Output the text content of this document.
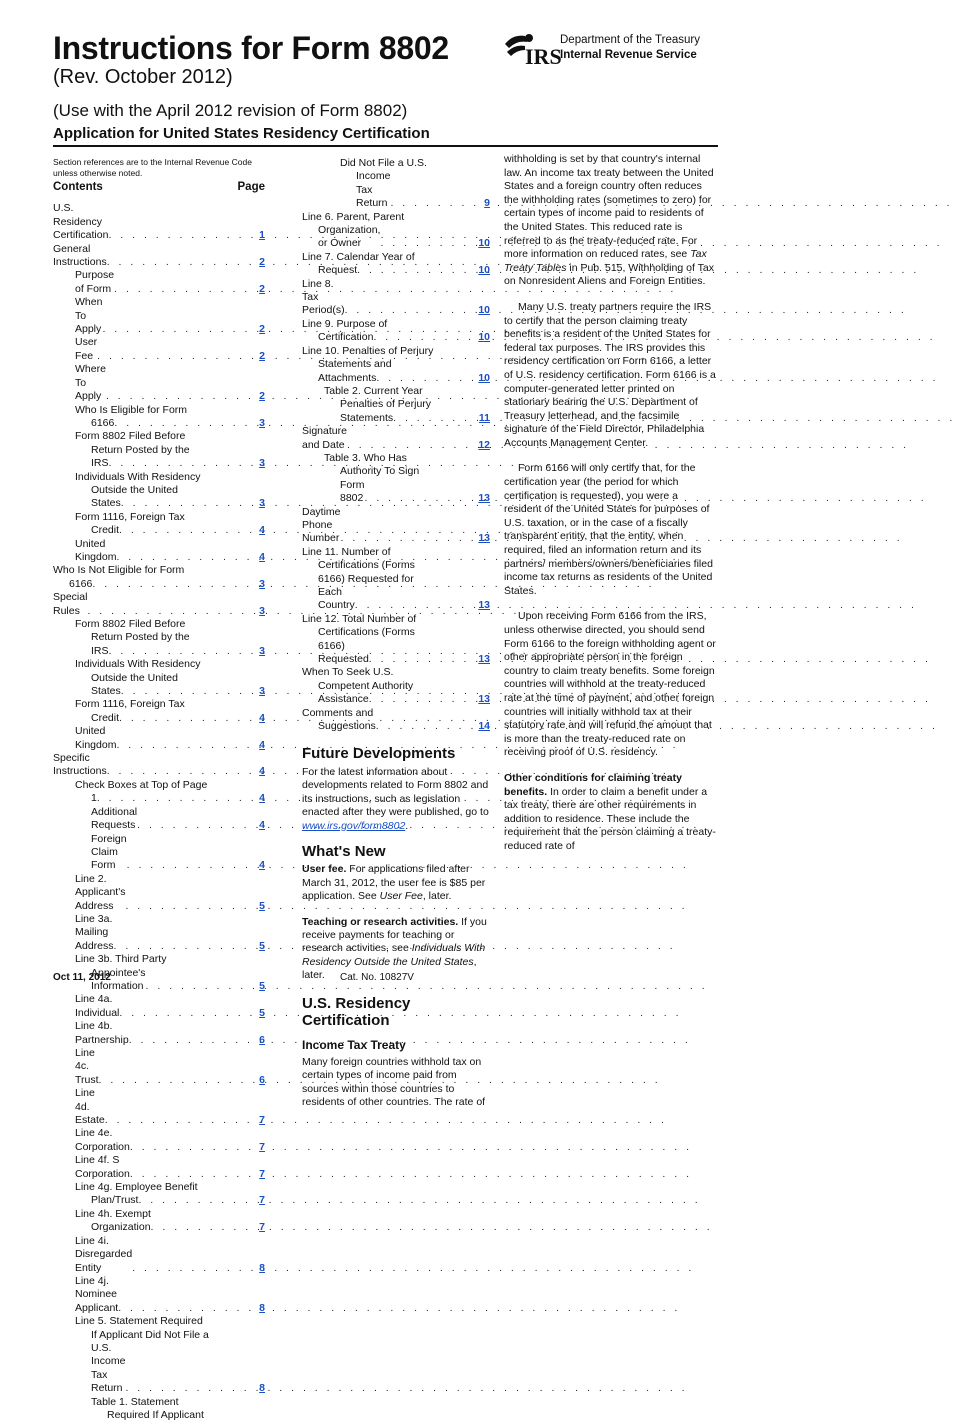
Instructions for Form 8802
(Rev. October 2012)
(Use with the April 2012 revision of Form 8802)
Application for United States Residency Certification
IRS
Department of the Treasury
Internal Revenue Service
Section references are to the Internal Revenue Code unless otherwise noted.
Contents	Page
U.S. Residency Certification . . .	1
General Instructions . . .	2
Purpose of Form . . .	2
When To Apply . . .	2
User Fee . . .	2
Where To Apply . . .	2
Who Is Eligible for Form
6166 . . .	3
Form 8802 Filed Before
Return Posted by the
IRS . . .	3
Individuals With Residency
Outside the United
States . . .	3
Form 1116, Foreign Tax
Credit . . .	4
United Kingdom . . .	4
Who Is Not Eligible for Form
6166 . . .	3
Special Rules . . .	3
Form 8802 Filed Before
Return Posted by the
IRS . . .	3
Individuals With Residency
Outside the United
States . . .	3
Form 1116, Foreign Tax
Credit . . .	4
United Kingdom . . .	4
Specific Instructions . . .	4
Check Boxes at Top of Page
1 . . .	4
Additional Requests . . .	4
Foreign Claim Form . . .	4
Line 2. Applicant's Address . . .	5
Line 3a. Mailing Address . . .	5
Line 3b. Third Party
Appointee's Information . . .	5
Line 4a. Individual . . .	5
Line 4b. Partnership . . .	6
Line 4c. Trust . . .	6
Line 4d. Estate . . .	7
Line 4e. Corporation . . .	7
Line 4f. S Corporation . . .	7
Line 4g. Employee Benefit
Plan/Trust . . .	7
Line 4h. Exempt
Organization . . .	7
Line 4i. Disregarded Entity . . .	8
Line 4j. Nominee Applicant . . .	8
Line 5. Statement Required
If Applicant Did Not File a
U.S. Income Tax Return . . .	8
Table 1. Statement
Required If Applicant
Did Not File a U.S.
Income Tax Return . . .	9
Line 6. Parent, Parent
Organization, or Owner . . .	10
Line 7. Calendar Year of
Request . . .	10
Line 8. Tax Period(s) . . .	10
Line 9. Purpose of
Certification . . .	10
Line 10. Penalties of Perjury
Statements and
Attachments . . .	10
Table 2. Current Year
Penalties of Perjury
Statements . . .	11
Signature and Date . . .	12
Table 3. Who Has
Authority To Sign
Form 8802 . . .	13
Daytime Phone Number . . .	13
Line 11. Number of
Certifications (Forms
6166) Requested for
Each Country . . .	13
Line 12. Total Number of
Certifications (Forms
6166) Requested . . .	13
When To Seek U.S.
Competent Authority
Assistance . . .	13
Comments and
Suggestions . . .	14
Future Developments
For the latest information about developments related to Form 8802 and its instructions, such as legislation enacted after they were published, go to www.irs.gov/form8802.
What's New
User fee. For applications filed after March 31, 2012, the user fee is $85 per application. See User Fee, later.
Teaching or research activities. If you receive payments for teaching or research activities, see Individuals With Residency Outside the United States, later.
U.S. Residency Certification
Income Tax Treaty
Many foreign countries withhold tax on certain types of income paid from sources within those countries to residents of other countries. The rate of
withholding is set by that country's internal law. An income tax treaty between the United States and a foreign country often reduces the withholding rates (sometimes to zero) for certain types of income paid to residents of the United States. This reduced rate is referred to as the treaty-reduced rate. For more information on reduced rates, see Tax Treaty Tables in Pub. 515, Withholding of Tax on Nonresident Aliens and Foreign Entities.
Many U.S. treaty partners require the IRS to certify that the person claiming treaty benefits is a resident of the United States for federal tax purposes. The IRS provides this residency certification on Form 6166, a letter of U.S. residency certification. Form 6166 is a computer-generated letter printed on stationary bearing the U.S. Department of Treasury letterhead, and the facsimile signature of the Field Director, Philadelphia Accounts Management Center.
Form 6166 will only certify that, for the certification year (the period for which certification is requested), you were a resident of the United States for purposes of U.S. taxation, or in the case of a fiscally transparent entity, that the entity, when required, filed an information return and its partners/ members/owners/beneficiaries filed income tax returns as residents of the United States.
Upon receiving Form 6166 from the IRS, unless otherwise directed, you should send Form 6166 to the foreign withholding agent or other appropriate person in the foreign country to claim treaty benefits. Some foreign countries will withhold at the treaty-reduced rate at the time of payment, and other foreign countries will initially withhold tax at their statutory rate and will refund the amount that is more than the treaty-reduced rate on receiving proof of U.S. residency.
Other conditions for claiming treaty benefits. In order to claim a benefit under a tax treaty, there are other requirements in addition to residence. These include the requirement that the person claiming a treaty-reduced rate of
Oct 11, 2012	Cat. No. 10827V
